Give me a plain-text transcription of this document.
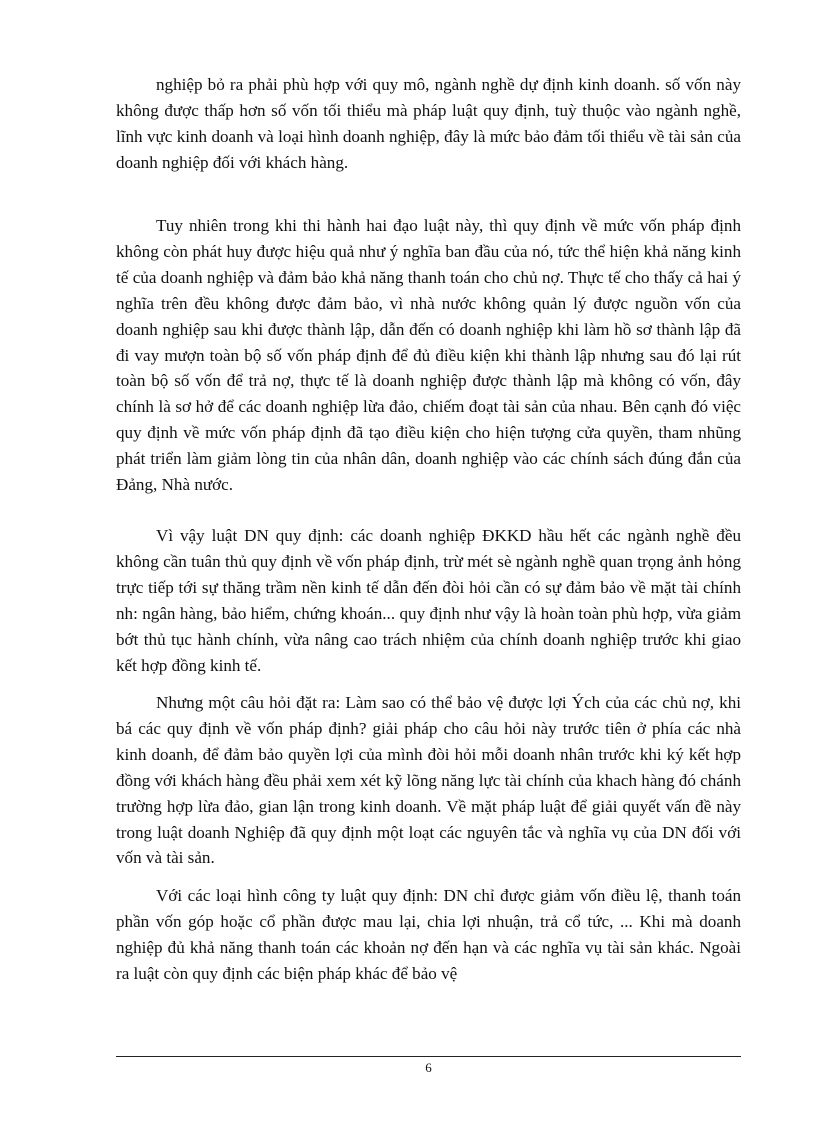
nghiệp bỏ ra phải phù hợp với quy mô, ngành nghề dự định kinh doanh. số vốn này không được thấp hơn số vốn tối thiểu mà pháp luật quy định, tuỳ thuộc vào ngành nghề, lĩnh vực kinh doanh và loại hình doanh nghiệp, đây là mức bảo đảm tối thiểu về tài sản của doanh nghiệp đối với khách hàng.

Tuy nhiên trong khi thi hành hai đạo luật này, thì quy định về mức vốn pháp định không còn phát huy được hiệu quả như ý nghĩa ban đầu của nó, tức thể hiện khả năng kinh tế của doanh nghiệp và đảm bảo khả năng thanh toán cho chủ nợ. Thực tế cho thấy cả hai ý nghĩa trên đều không được đảm bảo, vì nhà nước không quản lý được nguồn vốn của doanh nghiệp sau khi được thành lập, dẫn đến có doanh nghiệp khi làm hồ sơ thành lập đã đi vay mượn toàn bộ số vốn pháp định để đủ điều kiện khi thành lập nhưng sau đó lại rút toàn bộ số vốn để trả nợ, thực tế là doanh nghiệp được thành lập mà không có vốn, đây chính là sơ hở để các doanh nghiệp lừa đảo, chiếm đoạt tài sản của nhau. Bên cạnh đó việc quy định về mức vốn pháp định đã tạo điều kiện cho hiện tượng cửa quyền, tham nhũng phát triển làm giảm lòng tin của nhân dân, doanh nghiệp vào các chính sách đúng đắn của Đảng, Nhà nước.

Vì vậy luật DN quy định: các doanh nghiệp ĐKKD hầu hết các ngành nghề đều không cần tuân thủ quy định về vốn pháp định, trừ mét sè ngành nghề quan trọng ảnh hỏng trực tiếp tới sự thăng trầm nền kinh tế dẫn đến đòi hỏi cần có sự đảm bảo về mặt tài chính nh: ngân hàng, bảo hiểm, chứng khoán... quy định như vậy là hoàn toàn phù hợp, vừa giảm bớt thủ tục hành chính, vừa nâng cao trách nhiệm của chính doanh nghiệp trước khi giao kết hợp đồng kinh tế.

Nhưng một câu hỏi đặt ra: Làm sao có thể bảo vệ được lợi Ých của các chủ nợ, khi bá các quy định về vốn pháp định? giải pháp cho câu hỏi này trước tiên ở phía các nhà kinh doanh, để đảm bảo quyền lợi của mình đòi hỏi mỗi doanh nhân trước khi ký kết hợp đồng với khách hàng đều phải xem xét kỹ lõng năng lực tài chính của khach hàng đó chánh trường hợp lừa đảo, gian lận trong kinh doanh. Về mặt pháp luật để giải quyết vấn đề này trong luật doanh Nghiệp đã quy định một loạt các nguyên tắc và nghĩa vụ của DN đối với vốn và tài sản.

Với các loại hình công ty luật quy định: DN chỉ được giảm vốn điều lệ, thanh toán phần vốn góp hoặc cổ phần được mau lại, chia lợi nhuận, trả cổ tức, ... Khi mà doanh nghiệp đủ khả năng thanh toán các khoản nợ đến hạn và các nghĩa vụ tài sản khác. Ngoài ra luật còn quy định các biện pháp khác để bảo vệ

6
